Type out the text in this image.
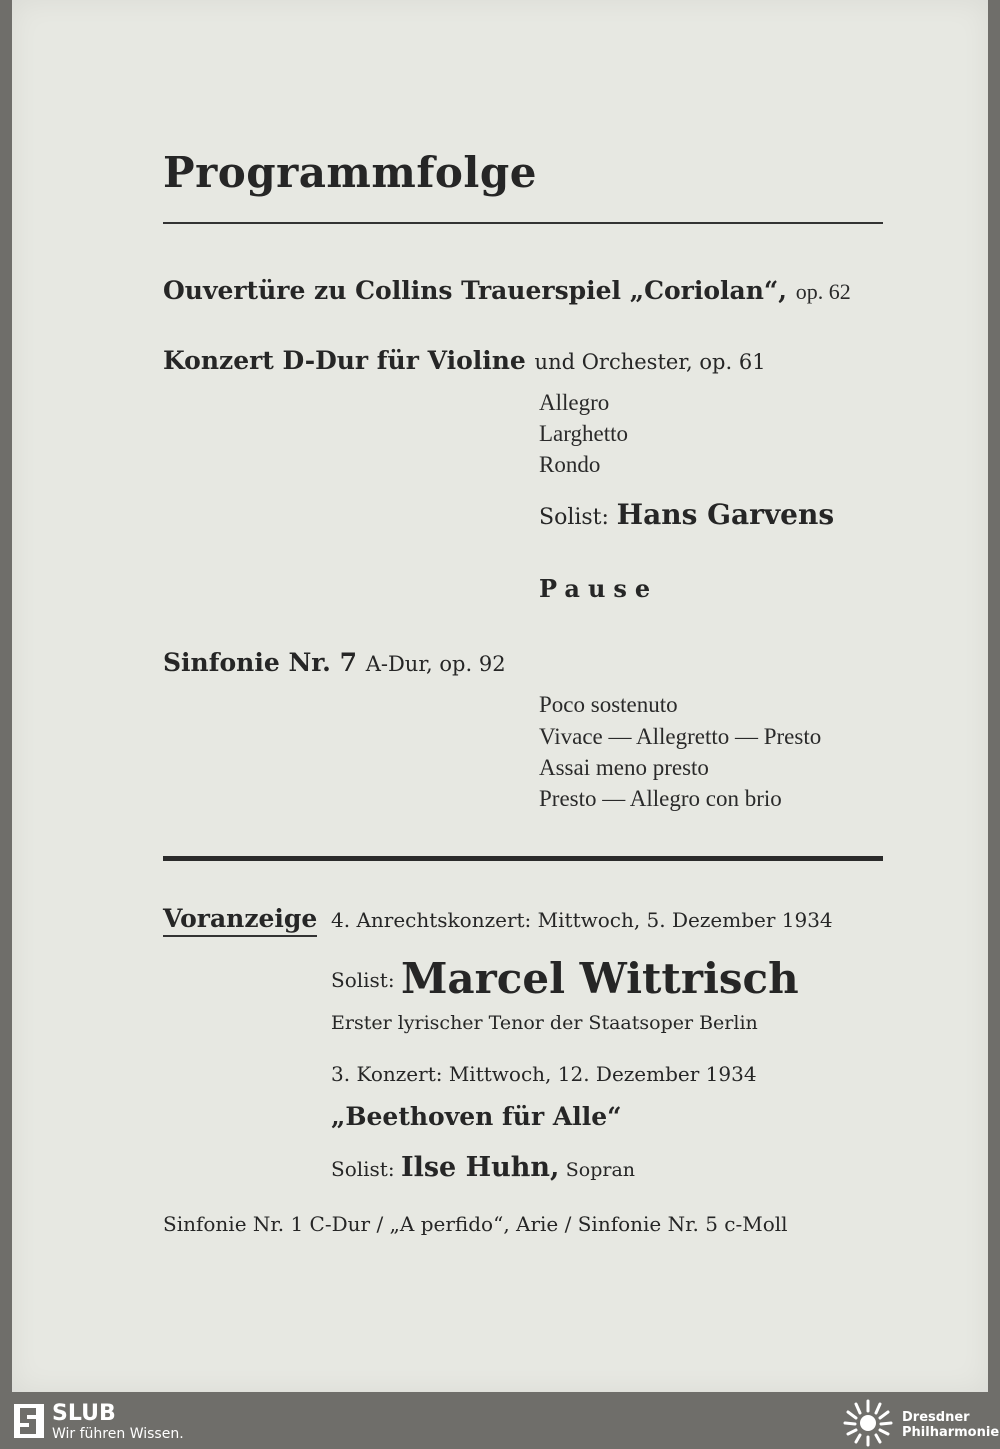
Programmfolge
Ouvertüre zu Collins Trauerspiel „Coriolan“, op. 62
Konzert D-Dur für Violine und Orchester, op. 61
Allegro
Larghetto
Rondo
Solist: Hans Garvens
Pause
Sinfonie Nr. 7 A-Dur, op. 92
Poco sostenuto
Vivace — Allegretto — Presto
Assai meno presto
Presto — Allegro con brio
Voranzeige 4. Anrechtskonzert: Mittwoch, 5. Dezember 1934
Solist: Marcel Wittrisch
Erster lyrischer Tenor der Staatsoper Berlin
3. Konzert: Mittwoch, 12. Dezember 1934
„Beethoven für Alle“
Solist: Ilse Huhn, Sopran
Sinfonie Nr. 1 C-Dur / „A perfido“, Arie / Sinfonie Nr. 5 c-Moll
SLUB
Wir führen Wissen.
Dresdner
Philharmonie
